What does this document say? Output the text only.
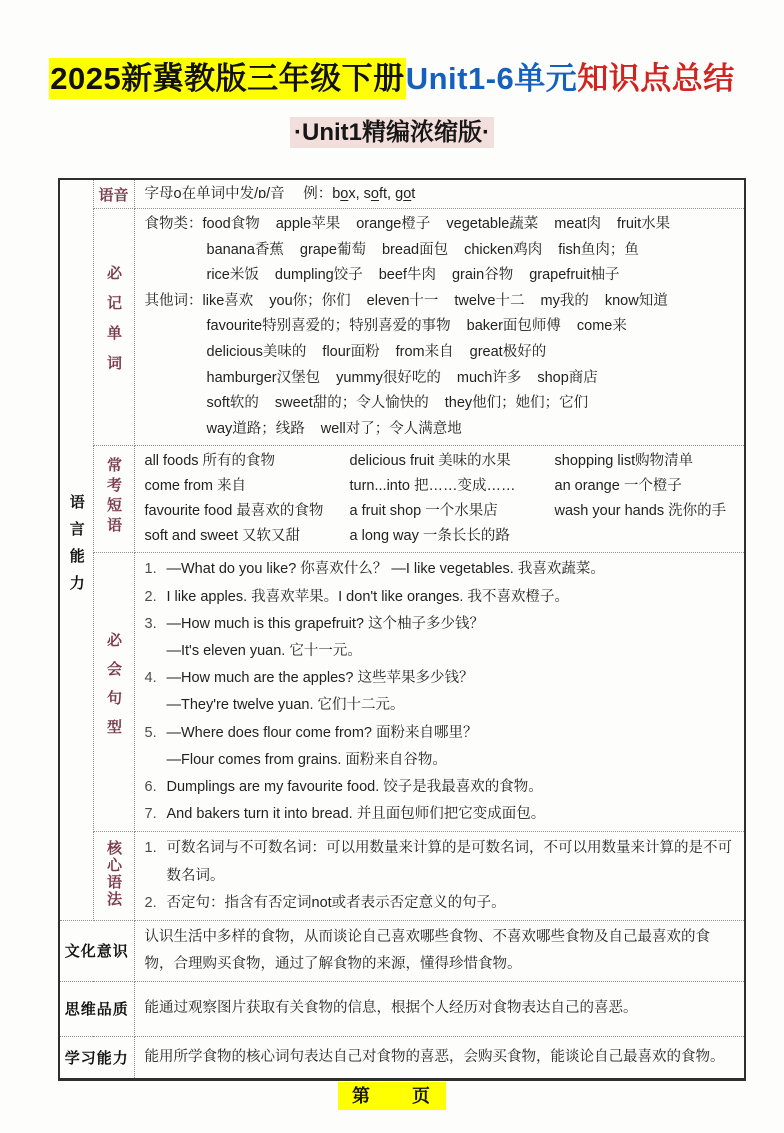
2025新冀教版三年级下册Unit1-6单元知识点总结
·Unit1精编浓缩版·
语言能力	语音	字母o在单词中发/ɒ/音　 例：box, soft, got

必记单词	
食物类：food食物 apple苹果 orange橙子 vegetable蔬菜 meat肉 fruit水果
banana香蕉 grape葡萄 bread面包 chicken鸡肉 fish鱼肉；鱼
rice米饭 dumpling饺子 beef牛肉 grain谷物 grapefruit柚子
其他词：like喜欢 you你；你们 eleven十一 twelve十二 my我的 know知道
favourite特别喜爱的；特别喜爱的事物 baker面包师傅 come来
delicious美味的 flour面粉 from来自 great极好的
hamburger汉堡包 yummy很好吃的 much许多 shop商店
soft软的 sweet甜的；令人愉快的 they他们；她们；它们
way道路；线路 well对了；令人满意地

常考短语	all foods 所有的食物	delicious fruit 美味的水果	shopping list购物清单
come from 来自	turn...into 把……变成……	an orange 一个橙子
favourite food 最喜欢的食物	a fruit shop 一个水果店	wash your hands 洗你的手
soft and sweet 又软又甜	a long way 一条长长的路

必会句型	
1. —What do you like? 你喜欢什么？ —I like vegetables. 我喜欢蔬菜。
2. I like apples. 我喜欢苹果。I don't like oranges. 我不喜欢橙子。
3. —How much is this grapefruit? 这个柚子多少钱？
—It's eleven yuan. 它十一元。
4. —How much are the apples? 这些苹果多少钱？
—They're twelve yuan. 它们十二元。
5. —Where does flour come from? 面粉来自哪里？
—Flour comes from grains. 面粉来自谷物。
6. Dumplings are my favourite food. 饺子是我最喜欢的食物。
7. And bakers turn it into bread. 并且面包师们把它变成面包。

	核心语法	1. 可数名词与不可数名词：可以用数量来计算的是可数名词，不可以用数量来计算的是不可数名词。
2. 否定句：指含有否定词not或者表示否定意义的句子。

文化意识		认识生活中多样的食物，从而谈论自己喜欢哪些食物、不喜欢哪些食物及自己最喜欢的食物，合理购买食物，通过了解食物的来源，懂得珍惜食物。

思维品质		能通过观察图片获取有关食物的信息，根据个人经历对食物表达自己的喜恶。

学习能力		能用所学食物的核心词句表达自己对食物的喜恶，会购买食物，能谈论自己最喜欢的食物。
第　　页
